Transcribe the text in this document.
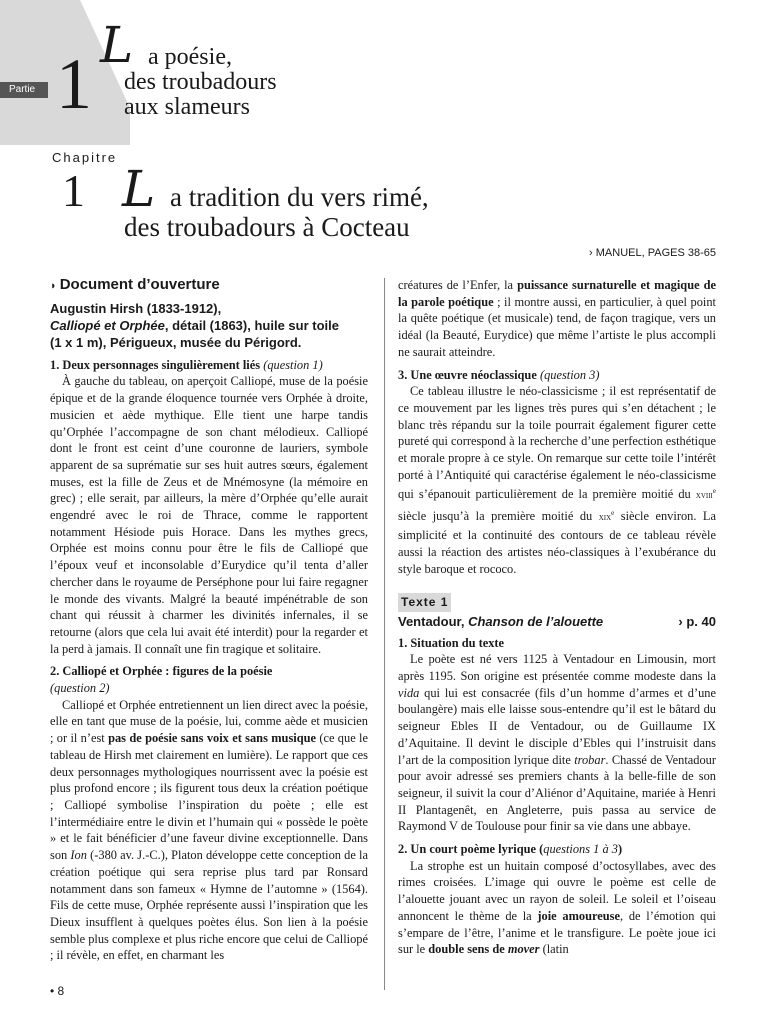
Partie 1 L a poésie,
des troubadours
aux slameurs
Chapitre
1 L a tradition du vers rimé,
des troubadours à Cocteau
› MANUEL, PAGES 38-65
◗ Document d’ouverture
Augustin Hirsh (1833-1912),
Calliopé et Orphée, détail (1863), huile sur toile
(1 x 1 m), Périgueux, musée du Périgord.

1. Deux personnages singulièrement liés (question 1)

À gauche du tableau, on aperçoit Calliopé, muse de la poésie épique et de la grande éloquence tournée vers Orphée à droite, musicien et aède mythique. Elle tient une harpe tandis qu’Orphée l’accompagne de son chant mélodieux. Calliopé dont le front est ceint d’une couronne de lauriers, symbole apparent de sa suprématie sur ses huit autres sœurs, également muses, est la fille de Zeus et de Mnémosyne (la mémoire en grec) ; elle serait, par ailleurs, la mère d’Orphée qu’elle aurait engendré avec le roi de Thrace, comme le rapportent notamment Hésiode puis Horace. Dans les mythes grecs, Orphée est moins connu pour être le fils de Calliopé que l’époux veuf et inconsolable d’Eurydice qu’il tenta d’aller chercher dans le royaume de Perséphone pour lui faire regagner le monde des vivants. Malgré la beauté impénétrable de son chant qui réussit à charmer les divinités infernales, il se retourne (alors que cela lui avait été interdit) pour la regarder et la perd à jamais. Il connaît une fin tragique et solitaire.

2. Calliopé et Orphée : figures de la poésie
(question 2)

Calliopé et Orphée entretiennent un lien direct avec la poésie, elle en tant que muse de la poésie, lui, comme aède et musicien ; or il n’est pas de poésie sans voix et sans musique (ce que le tableau de Hirsh met clairement en lumière). Le rapport que ces deux personnages mythologiques nourrissent avec la poésie est plus profond encore ; ils figurent tous deux la création poétique ; Calliopé symbolise l’inspiration du poète ; elle est l’intermédiaire entre le divin et l’humain qui « possède le poète » et le fait bénéficier d’une faveur divine exceptionnelle. Dans son Ion (-380 av. J.-C.), Platon développe cette conception de la création poétique qui sera reprise plus tard par Ronsard notamment dans son fameux « Hymne de l’automne » (1564). Fils de cette muse, Orphée représente aussi l’inspiration que les Dieux insufflent à quelques poètes élus. Son lien à la poésie semble plus complexe et plus riche encore que celui de Calliopé ; il révèle, en effet, en charmant les

créatures de l’Enfer, la puissance surnaturelle et magique de la parole poétique ; il montre aussi, en particulier, à quel point la quête poétique (et musicale) tend, de façon tragique, vers un idéal (la Beauté, Eurydice) que même l’artiste le plus accompli ne saurait atteindre.

3. Une œuvre néoclassique (question 3)

Ce tableau illustre le néo-classicisme ; il est représentatif de ce mouvement par les lignes très pures qui s’en détachent ; le blanc très répandu sur la toile pourrait également figurer cette pureté qui correspond à la recherche d’une perfection esthétique et morale propre à ce style. On remarque sur cette toile l’intérêt porté à l’Antiquité qui caractérise également le néo-classicisme qui s’épanouit particulièrement de la première moitié du xviii$^e$ siècle jusqu’à la première moitié du xix$^e$ siècle environ. La simplicité et la continuité des contours de ce tableau révèle aussi la réaction des artistes néo-classiques à l’exubérance du style baroque et rococo.

Texte 1
Ventadour, Chanson de l’alouette	› p. 40

1. Situation du texte

Le poète est né vers 1125 à Ventadour en Limousin, mort après 1195. Son origine est présentée comme modeste dans la vida qui lui est consacrée (fils d’un homme d’armes et d’une boulangère) mais elle laisse sous-entendre qu’il est le bâtard du seigneur Ebles II de Ventadour, ou de Guillaume IX d’Aquitaine. Il devint le disciple d’Ebles qui l’instruisit dans l’art de la composition lyrique dite trobar. Chassé de Ventadour pour avoir adressé ses premiers chants à la belle-fille de son seigneur, il suivit la cour d’Aliénor d’Aquitaine, mariée à Henri II Plantagenêt, en Angleterre, puis passa au service de Raymond V de Toulouse pour finir sa vie dans une abbaye.

2. Un court poème lyrique (questions 1 à 3)

La strophe est un huitain composé d’octosyllabes, avec des rimes croisées. L’image qui ouvre le poème est celle de l’alouette jouant avec un rayon de soleil. Le soleil et l’oiseau annoncent le thème de la joie amoureuse, de l’émotion qui s’empare de l’être, l’anime et le transfigure. Le poète joue ici sur le double sens de mover (latin

• 8
